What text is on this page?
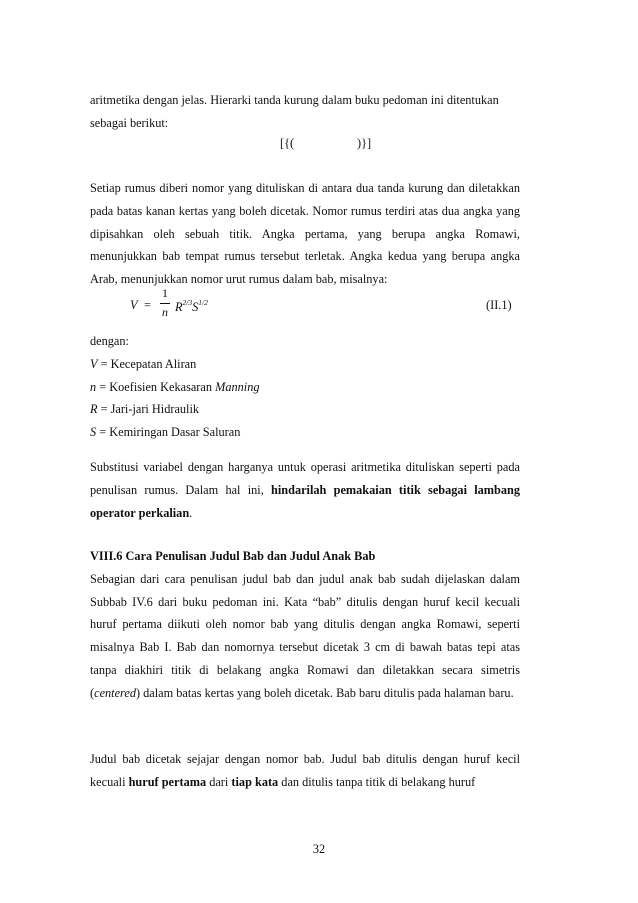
aritmetika dengan jelas. Hierarki tanda kurung dalam buku pedoman ini ditentukan

sebagai berikut:

[{(	)}]

Setiap rumus diberi nomor yang dituliskan di antara dua tanda kurung dan diletakkan pada batas kanan kertas yang boleh dicetak. Nomor rumus terdiri atas dua angka yang dipisahkan oleh sebuah titik. Angka pertama, yang berupa angka Romawi, menunjukkan bab tempat rumus tersebut terletak. Angka kedua yang berupa angka Arab, menunjukkan nomor urut rumus dalam bab, misalnya:

V =
1
n $R^{2/3}S^{1/2}$	(II.1)

dengan:

V = Kecepatan Aliran

n = Koefisien Kekasaran Manning

R = Jari-jari Hidraulik

S = Kemiringan Dasar Saluran

Substitusi variabel dengan harganya untuk operasi aritmetika dituliskan seperti pada penulisan rumus. Dalam hal ini, hindarilah pemakaian titik sebagai lambang operator perkalian.

VIII.6 Cara Penulisan Judul Bab dan Judul Anak Bab

Sebagian dari cara penulisan judul bab dan judul anak bab sudah dijelaskan dalam Subbab IV.6 dari buku pedoman ini. Kata “bab” ditulis dengan huruf kecil kecuali huruf pertama diikuti oleh nomor bab yang ditulis dengan angka Romawi, seperti misalnya Bab I. Bab dan nomornya tersebut dicetak 3 cm di bawah batas tepi atas tanpa diakhiri titik di belakang angka Romawi dan diletakkan secara simetris (centered) dalam batas kertas yang boleh dicetak. Bab baru ditulis pada halaman baru.

Judul bab dicetak sejajar dengan nomor bab. Judul bab ditulis dengan huruf kecil kecuali huruf pertama dari tiap kata dan ditulis tanpa titik di belakang huruf

32
